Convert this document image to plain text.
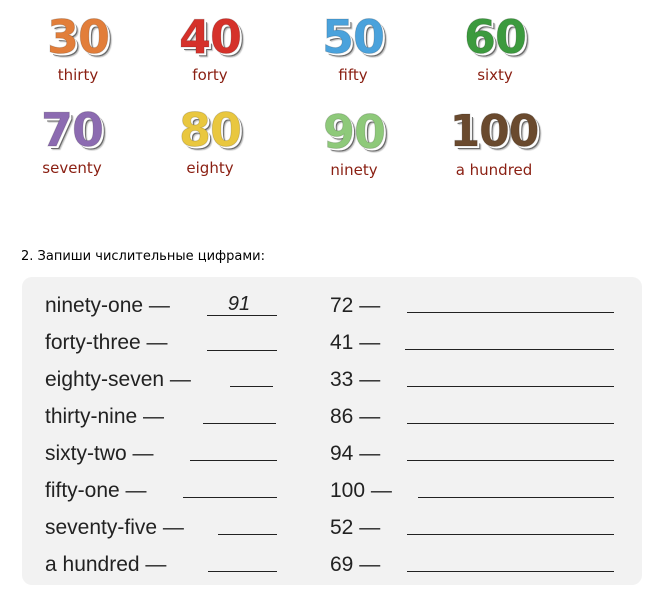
30
thirty
40
forty
50
fifty
60
sixty
70
seventy
80
eighty
90
ninety
100
a hundred
2. Запиши числительные цифрами:
ninety-one —	91
forty-three —
eighty-seven —
thirty-nine —
sixty-two —
fifty-one —
seventy-five —
a hundred —
72 —
41 —
33 —
86 —
94 —
100 —
52 —
69 —
